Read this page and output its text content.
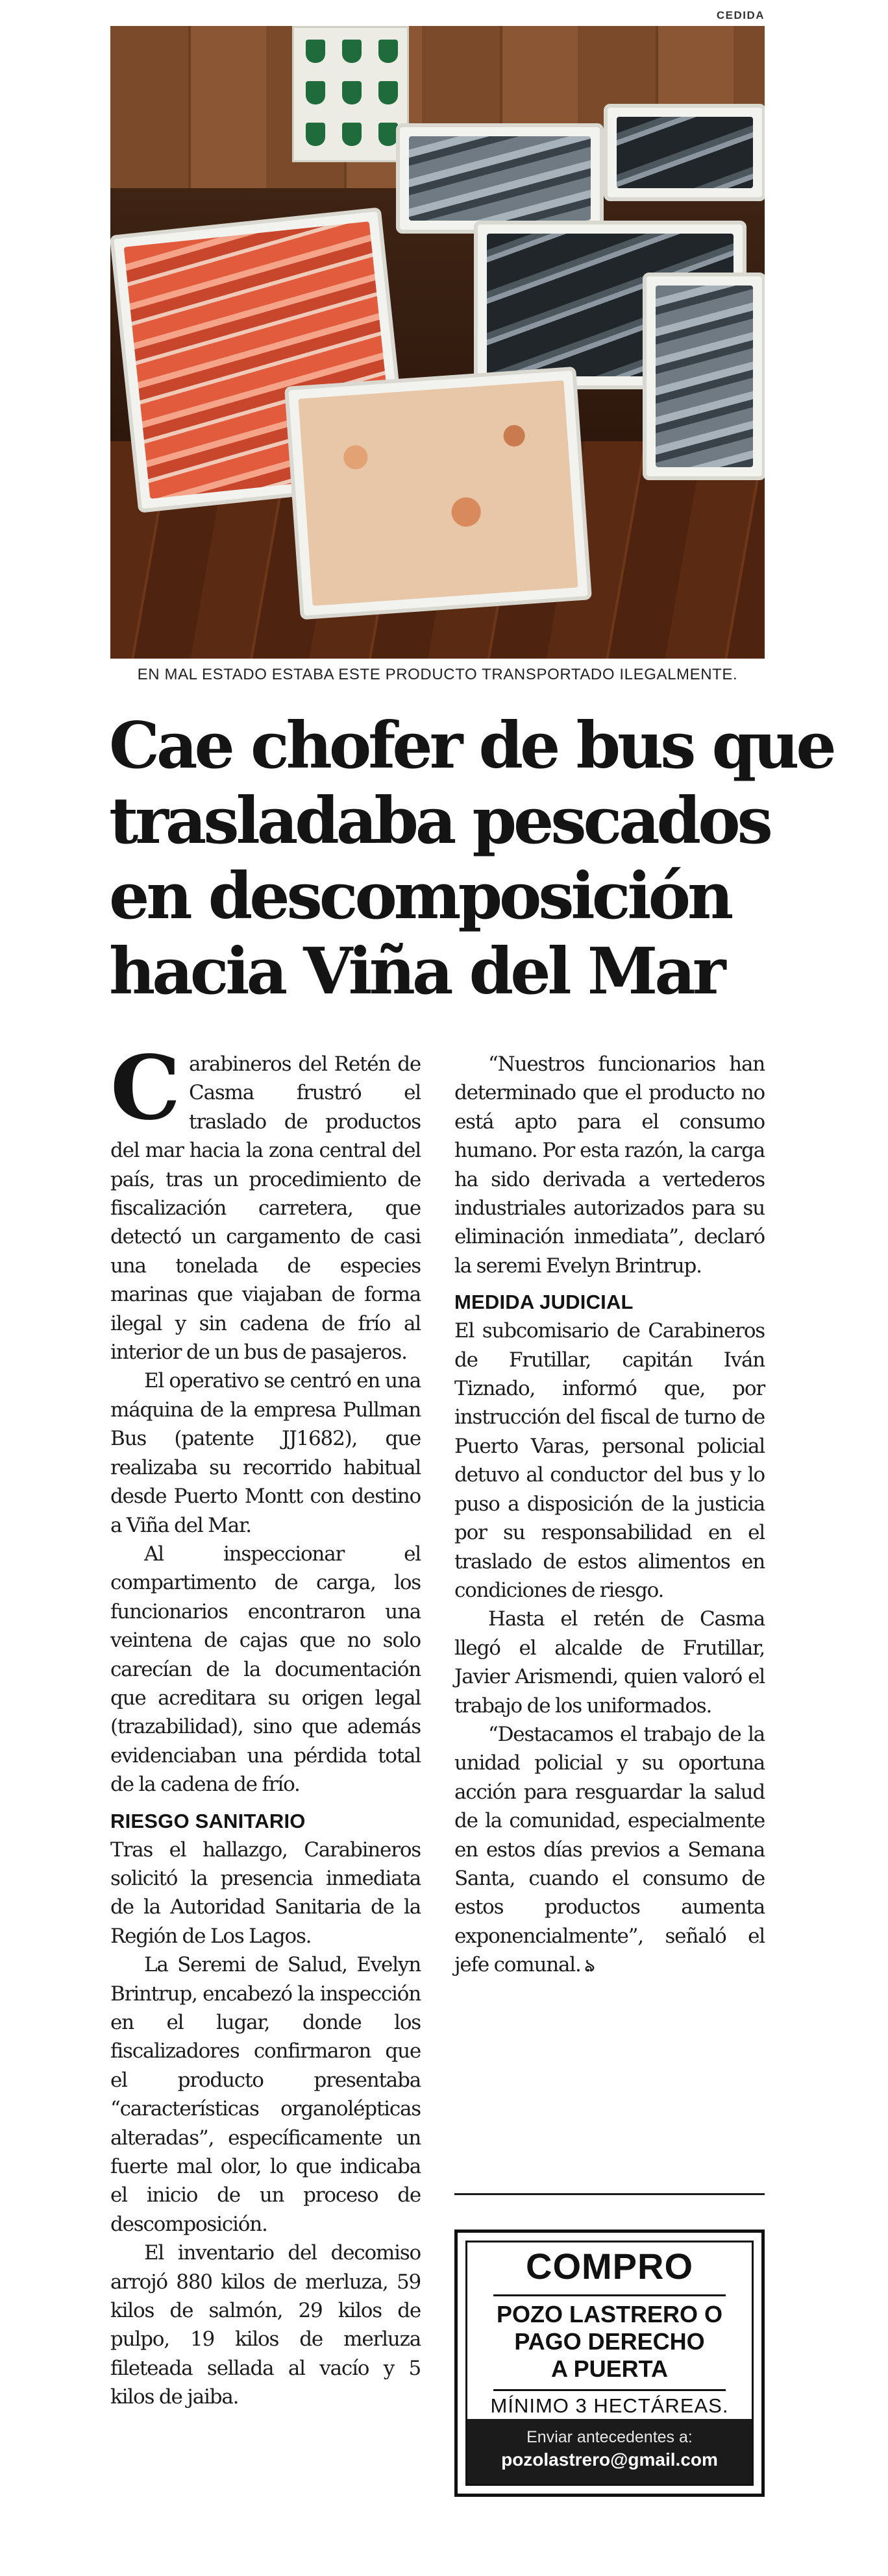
CEDIDA
EN MAL ESTADO ESTABA ESTE PRODUCTO TRANSPORTADO ILEGALMENTE.
Cae chofer de bus que
trasladaba pescados
en descomposición
hacia Viña del Mar

Carabineros del Retén de Casma frustró el traslado de productos del mar hacia la zona central del país, tras un procedimiento de fiscalización carretera, que detectó un cargamento de casi una tonelada de especies marinas que viajaban de forma ilegal y sin cadena de frío al interior de un bus de pasajeros.

El operativo se centró en una máquina de la empresa Pullman Bus (patente JJ1682), que realizaba su recorrido habitual desde Puerto Montt con destino a Viña del Mar.

Al inspeccionar el compartimento de carga, los funcionarios encontraron una veintena de cajas que no solo carecían de la documentación que acreditara su origen legal (trazabilidad), sino que además evidenciaban una pérdida total de la cadena de frío.

RIESGO SANITARIO

Tras el hallazgo, Carabineros solicitó la presencia inmediata de la Autoridad Sanitaria de la Región de Los Lagos.

La Seremi de Salud, Evelyn Brintrup, encabezó la inspección en el lugar, donde los fiscalizadores confirmaron que el producto presentaba “características organolépticas alteradas”, específicamente un fuerte mal olor, lo que indicaba el inicio de un proceso de descomposición.

El inventario del decomiso arrojó 880 kilos de merluza, 59 kilos de salmón, 29 kilos de pulpo, 19 kilos de merluza fileteada sellada al vacío y 5 kilos de jaiba.

“Nuestros funcionarios han determinado que el producto no está apto para el consumo humano. Por esta razón, la carga ha sido derivada a vertederos industriales autorizados para su eliminación inmediata”, declaró la seremi Evelyn Brintrup.

MEDIDA JUDICIAL

El subcomisario de Carabineros de Frutillar, capitán Iván Tiznado, informó que, por instrucción del fiscal de turno de Puerto Varas, personal policial detuvo al conductor del bus y lo puso a disposición de la justicia por su responsabilidad en el traslado de estos alimentos en condiciones de riesgo.

Hasta el retén de Casma llegó el alcalde de Frutillar, Javier Arismendi, quien valoró el trabajo de los uniformados.

“Destacamos el trabajo de la unidad policial y su oportuna acción para resguardar la salud de la comunidad, especialmente en estos días previos a Semana Santa, cuando el consumo de estos productos aumenta exponencialmente”, señaló el jefe comunal. ঌ

COMPRO
POZO LASTRERO O
PAGO DERECHO
A PUERTA
MÍNIMO 3 HECTÁREAS.
Enviar antecedentes a:
pozolastrero@gmail.com
